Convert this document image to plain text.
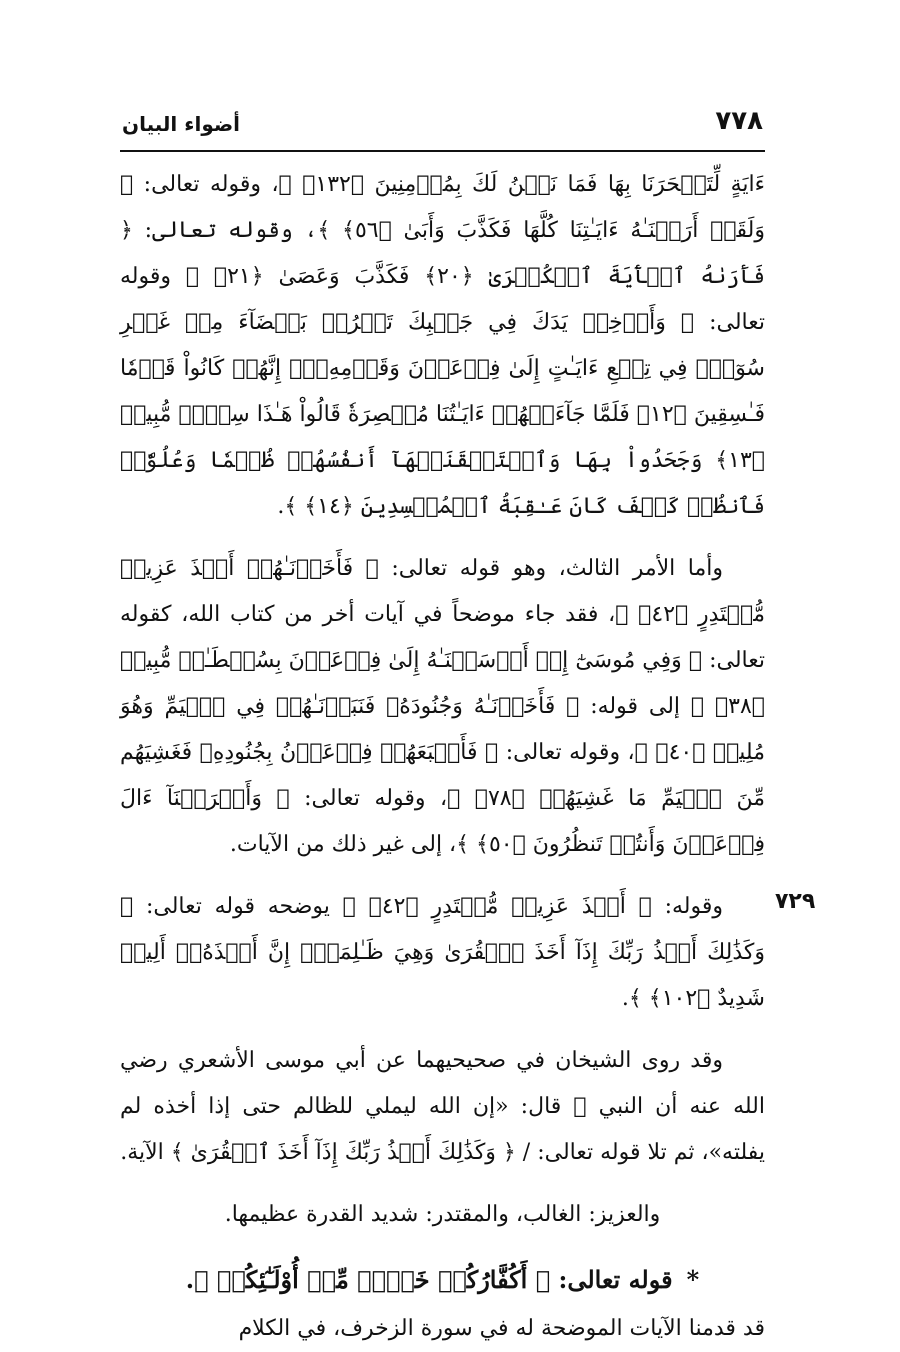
أضواء البيان	٧٧٨
٧٢٩

ءَايَةٍ لِّتَسۡحَرَنَا بِهَا فَمَا نَحۡنُ لَكَ بِمُؤۡمِنِينَ ﴿١٣٢﴾ ﴾، وقوله تعالى: ﴿ وَلَقَدۡ أَرَيۡنَـٰهُ ءَايَـٰتِنَا كُلَّهَا فَكَذَّبَ وَأَبَىٰ ﴿٥٦﴾ ﴾، وقوله تعالى: ﴿ فَأَرَىٰهُ ٱلۡأٓيَةَ ٱلۡكُبۡرَىٰ ﴿٢٠﴾ فَكَذَّبَ وَعَصَىٰ ﴿٢١﴾ ﴾ وقوله تعالى: ﴿ وَأَدۡخِلۡ يَدَكَ فِي جَيۡبِكَ تَخۡرُجۡ بَيۡضَآءَ مِنۡ غَيۡرِ سُوٓءٍۖ فِي تِسۡعِ ءَايَـٰتٍ إِلَىٰ فِرۡعَوۡنَ وَقَوۡمِهِۦٓۚ إِنَّهُمۡ كَانُواْ قَوۡمٗا فَـٰسِقِينَ ﴿١٢﴾ فَلَمَّا جَآءَتۡهُمۡ ءَايَـٰتُنَا مُبۡصِرَةٗ قَالُواْ هَـٰذَا سِحۡرٞ مُّبِينٞ ﴿١٣﴾ وَجَحَدُواْ بِهَا وَٱسۡتَيۡقَنَتۡهَآ أَنفُسُهُمۡ ظُلۡمٗا وَعُلُوّٗاۚ فَٱنظُرۡ كَيۡفَ كَانَ عَـٰقِبَةُ ٱلۡمُفۡسِدِينَ ﴿١٤﴾ ﴾.

وأما الأمر الثالث، وهو قوله تعالى: ﴿ فَأَخَذۡنَـٰهُمۡ أَخۡذَ عَزِيزٖ مُّقۡتَدِرٍ ﴿٤٢﴾ ﴾، فقد جاء موضحاً في آيات أخر من كتاب الله، كقوله تعالى: ﴿ وَفِي مُوسَىٰٓ إِذۡ أَرۡسَلۡنَـٰهُ إِلَىٰ فِرۡعَوۡنَ بِسُلۡطَـٰنٖ مُّبِينٖ ﴿٣٨﴾ ﴾ إلى قوله: ﴿ فَأَخَذۡنَـٰهُ وَجُنُودَهُۥ فَنَبَذۡنَـٰهُمۡ فِي ٱلۡيَمِّ وَهُوَ مُلِيمٞ ﴿٤٠﴾ ﴾، وقوله تعالى: ﴿ فَأَتۡبَعَهُمۡ فِرۡعَوۡنُ بِجُنُودِهِۦ فَغَشِيَهُم مِّنَ ٱلۡيَمِّ مَا غَشِيَهُمۡ ﴿٧٨﴾ ﴾، وقوله تعالى: ﴿ وَأَغۡرَقۡنَآ ءَالَ فِرۡعَوۡنَ وَأَنتُمۡ تَنظُرُونَ ﴿٥٠﴾ ﴾، إلى غير ذلك من الآيات.

وقوله: ﴿ أَخۡذَ عَزِيزٖ مُّقۡتَدِرٍ ﴿٤٢﴾ ﴾ يوضحه قوله تعالى: ﴿ وَكَذَٰلِكَ أَخۡذُ رَبِّكَ إِذَآ أَخَذَ ٱلۡقُرَىٰ وَهِيَ ظَـٰلِمَةٌۚ إِنَّ أَخۡذَهُۥٓ أَلِيمٞ شَدِيدٌ ﴿١٠٢﴾ ﴾.

وقد روى الشيخان في صحيحيهما عن أبي موسى الأشعري رضي الله عنه أن النبي ﷺ قال: «إن الله ليملي للظالم حتى إذا أخذه لم يفلته»، ثم تلا قوله تعالى: / ﴿ وَكَذَٰلِكَ أَخۡذُ رَبِّكَ إِذَآ أَخَذَ ٱلۡقُرَىٰ ﴾ الآية.

والعزيز: الغالب، والمقتدر: شديد القدرة عظيمها.

*قوله تعالى: ﴿ أَكُفَّارُكُمۡ خَيۡرٞ مِّنۡ أُوْلَـٰٓئِكُمۡ ﴾.

قد قدمنا الآيات الموضحة له في سورة الزخرف، في الكلام
